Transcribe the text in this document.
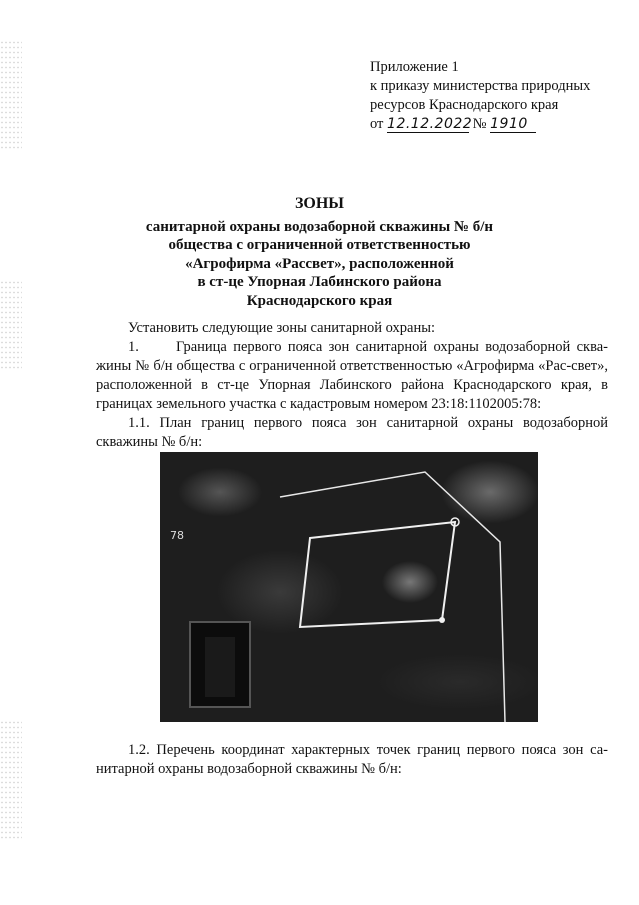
Приложение 1
к приказу министерства природных
ресурсов Краснодарского края
от 12.12.2022 № 1910
ЗОНЫ
санитарной охраны водозаборной скважины № б/н
общества с ограниченной ответственностью
«Агрофирма «Рассвет», расположенной
в ст-це Упорная Лабинского района
Краснодарского края

Установить следующие зоны санитарной охраны:

1.	Граница первого пояса зон санитарной охраны водозаборной сква-жины № б/н общества с ограниченной ответственностью «Агрофирма «Рас-свет», расположенной в ст-це Упорная Лабинского района Краснодарского края, в границах земельного участка с кадастровым номером 23:18:1102005:78:

1.1. План границ первого пояса зон санитарной охраны водозаборной скважины № б/н:

78

1.2. Перечень координат характерных точек границ первого пояса зон са-нитарной охраны водозаборной скважины № б/н:
